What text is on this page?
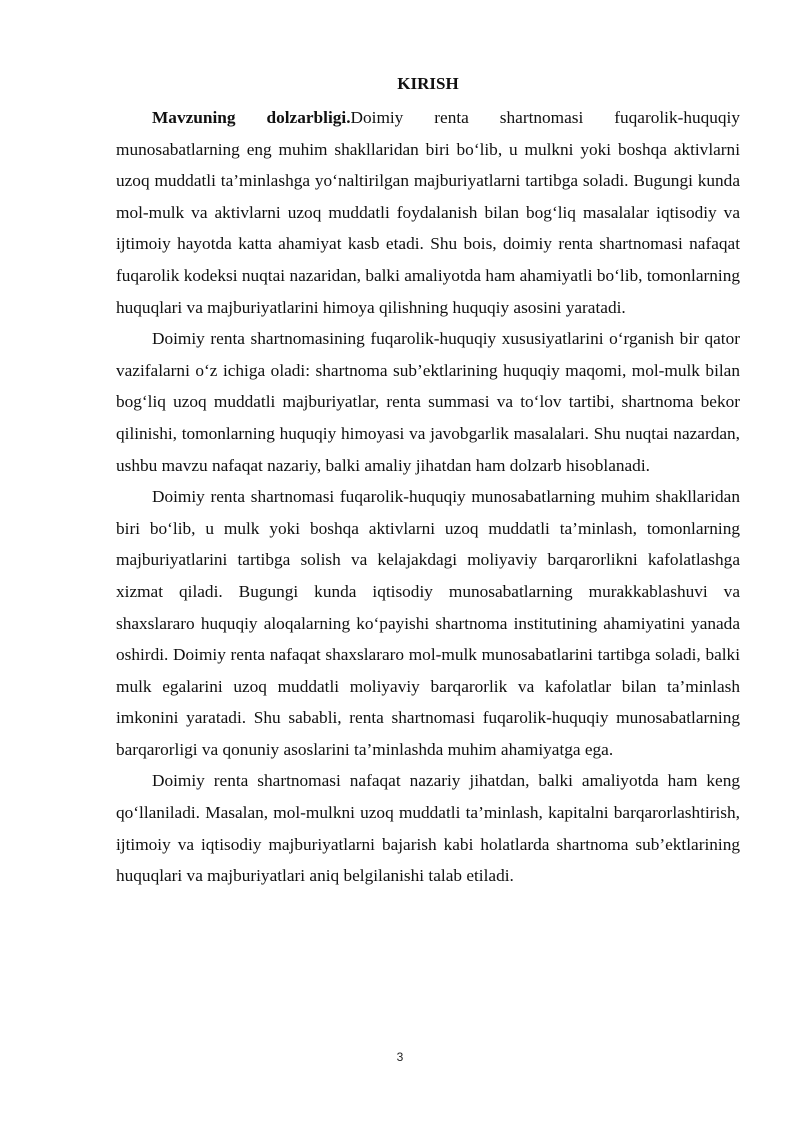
KIRISH

Mavzuning dolzarbligi.Doimiy renta shartnomasi fuqarolik-huquqiy munosabatlarning eng muhim shakllaridan biri bo‘lib, u mulkni yoki boshqa aktivlarni uzoq muddatli ta’minlashga yo‘naltirilgan majburiyatlarni tartibga soladi. Bugungi kunda mol-mulk va aktivlarni uzoq muddatli foydalanish bilan bog‘liq masalalar iqtisodiy va ijtimoiy hayotda katta ahamiyat kasb etadi. Shu bois, doimiy renta shartnomasi nafaqat fuqarolik kodeksi nuqtai nazaridan, balki amaliyotda ham ahamiyatli bo‘lib, tomonlarning huquqlari va majburiyatlarini himoya qilishning huquqiy asosini yaratadi.

Doimiy renta shartnomasining fuqarolik-huquqiy xususiyatlarini o‘rganish bir qator vazifalarni o‘z ichiga oladi: shartnoma sub’ektlarining huquqiy maqomi, mol-mulk bilan bog‘liq uzoq muddatli majburiyatlar, renta summasi va to‘lov tartibi, shartnoma bekor qilinishi, tomonlarning huquqiy himoyasi va javobgarlik masalalari. Shu nuqtai nazardan, ushbu mavzu nafaqat nazariy, balki amaliy jihatdan ham dolzarb hisoblanadi.

Doimiy renta shartnomasi fuqarolik-huquqiy munosabatlarning muhim shakllaridan biri bo‘lib, u mulk yoki boshqa aktivlarni uzoq muddatli ta’minlash, tomonlarning majburiyatlarini tartibga solish va kelajakdagi moliyaviy barqarorlikni kafolatlashga xizmat qiladi. Bugungi kunda iqtisodiy munosabatlarning murakkablashuvi va shaxslararo huquqiy aloqalarning ko‘payishi shartnoma institutining ahamiyatini yanada oshirdi. Doimiy renta nafaqat shaxslararo mol-mulk munosabatlarini tartibga soladi, balki mulk egalarini uzoq muddatli moliyaviy barqarorlik va kafolatlar bilan ta’minlash imkonini yaratadi. Shu sababli, renta shartnomasi fuqarolik-huquqiy munosabatlarning barqarorligi va qonuniy asoslarini ta’minlashda muhim ahamiyatga ega.

Doimiy renta shartnomasi nafaqat nazariy jihatdan, balki amaliyotda ham keng qo‘llaniladi. Masalan, mol-mulkni uzoq muddatli ta’minlash, kapitalni barqarorlashtirish, ijtimoiy va iqtisodiy majburiyatlarni bajarish kabi holatlarda shartnoma sub’ektlarining huquqlari va majburiyatlari aniq belgilanishi talab etiladi.

3
